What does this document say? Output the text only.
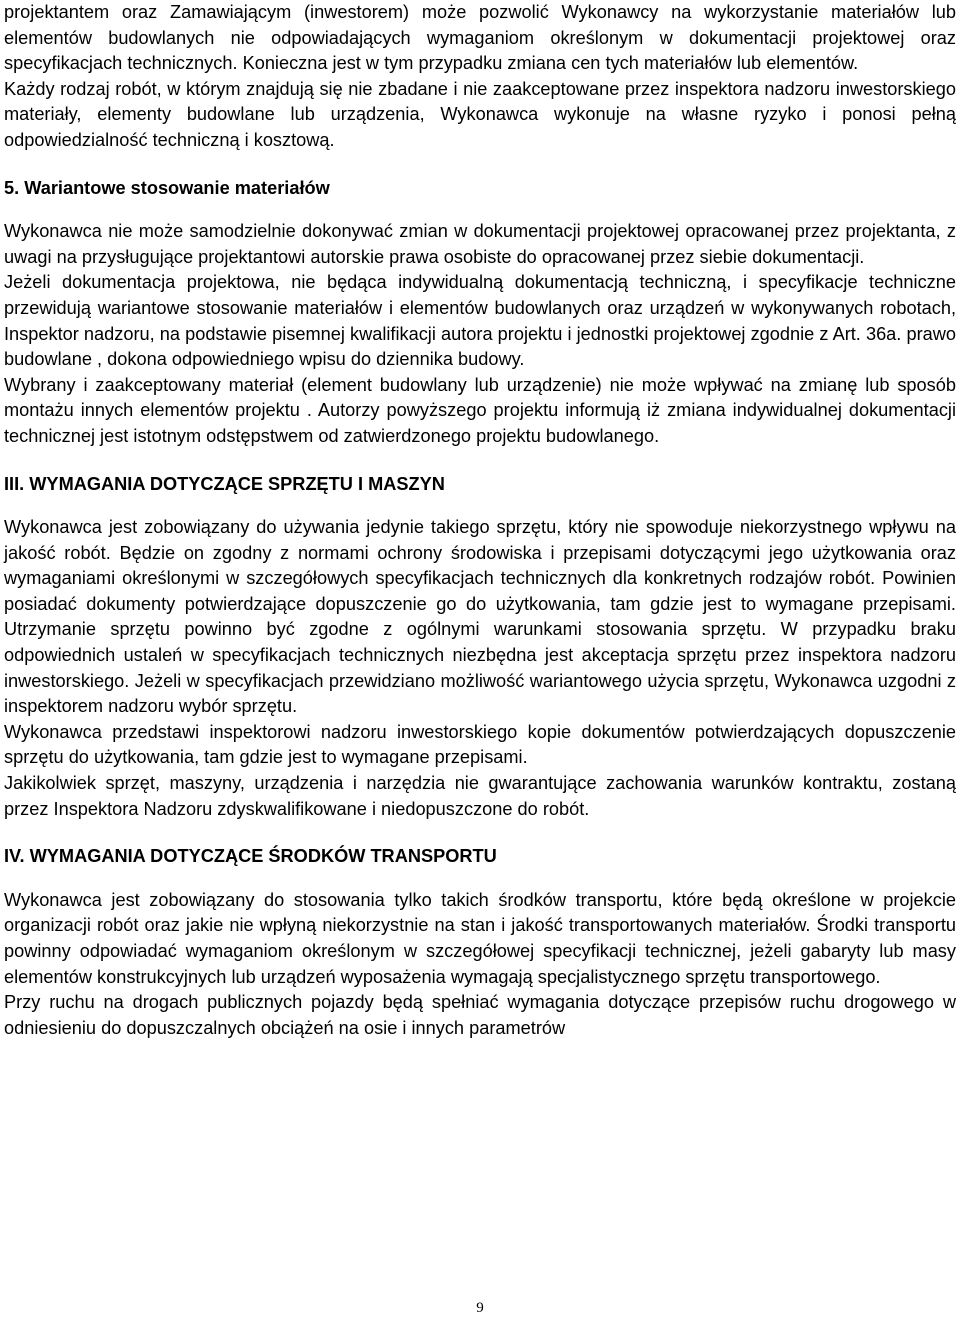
projektantem oraz Zamawiającym (inwestorem) może pozwolić Wykonawcy na wykorzystanie materiałów lub elementów budowlanych nie odpowiadających wymaganiom określonym w dokumentacji projektowej oraz specyfikacjach technicznych. Konieczna jest w tym przypadku zmiana cen tych materiałów lub elementów.

Każdy rodzaj robót, w którym znajdują się nie zbadane i nie zaakceptowane przez inspektora nadzoru inwestorskiego materiały, elementy budowlane lub urządzenia, Wykonawca wykonuje na własne ryzyko i ponosi pełną odpowiedzialność techniczną i kosztową.

5. Wariantowe stosowanie materiałów

Wykonawca nie może samodzielnie dokonywać zmian w dokumentacji projektowej opracowanej przez projektanta, z uwagi na przysługujące projektantowi autorskie prawa osobiste do opracowanej przez siebie dokumentacji.

Jeżeli dokumentacja projektowa, nie będąca indywidualną dokumentacją techniczną, i specyfikacje techniczne przewidują wariantowe stosowanie materiałów i elementów budowlanych oraz urządzeń w wykonywanych robotach, Inspektor nadzoru, na podstawie pisemnej kwalifikacji autora projektu i jednostki projektowej zgodnie z Art. 36a. prawo budowlane , dokona odpowiedniego wpisu do dziennika budowy.

Wybrany i zaakceptowany materiał (element budowlany lub urządzenie) nie może wpływać na zmianę lub sposób montażu innych elementów projektu . Autorzy powyższego projektu informują iż zmiana indywidualnej dokumentacji technicznej jest istotnym odstępstwem od zatwierdzonego projektu budowlanego.

III. WYMAGANIA DOTYCZĄCE SPRZĘTU I MASZYN

Wykonawca jest zobowiązany do używania jedynie takiego sprzętu, który nie spowoduje niekorzystnego wpływu na jakość robót. Będzie on zgodny z normami ochrony środowiska i przepisami dotyczącymi jego użytkowania oraz wymaganiami określonymi w szczegółowych specyfikacjach technicznych dla konkretnych rodzajów robót. Powinien posiadać dokumenty potwierdzające dopuszczenie go do użytkowania, tam gdzie jest to wymagane przepisami. Utrzymanie sprzętu powinno być zgodne z ogólnymi warunkami stosowania sprzętu. W przypadku braku odpowiednich ustaleń w specyfikacjach technicznych niezbędna jest akceptacja sprzętu przez inspektora nadzoru inwestorskiego. Jeżeli w specyfikacjach przewidziano możliwość wariantowego użycia sprzętu, Wykonawca uzgodni z inspektorem nadzoru wybór sprzętu.

Wykonawca przedstawi inspektorowi nadzoru inwestorskiego kopie dokumentów potwierdzających dopuszczenie sprzętu do użytkowania, tam gdzie jest to wymagane przepisami.

Jakikolwiek sprzęt, maszyny, urządzenia i narzędzia nie gwarantujące zachowania warunków kontraktu, zostaną przez Inspektora Nadzoru zdyskwalifikowane i niedopuszczone do robót.

IV. WYMAGANIA DOTYCZĄCE ŚRODKÓW TRANSPORTU

Wykonawca jest zobowiązany do stosowania tylko takich środków transportu, które będą określone w projekcie organizacji robót oraz jakie nie wpłyną niekorzystnie na stan i jakość transportowanych materiałów. Środki transportu powinny odpowiadać wymaganiom określonym w szczegółowej specyfikacji technicznej, jeżeli gabaryty lub masy elementów konstrukcyjnych lub urządzeń wyposażenia wymagają specjalistycznego sprzętu transportowego.

Przy ruchu na drogach publicznych pojazdy będą spełniać wymagania dotyczące przepisów ruchu drogowego w odniesieniu do dopuszczalnych obciążeń na osie i innych parametrów

9
